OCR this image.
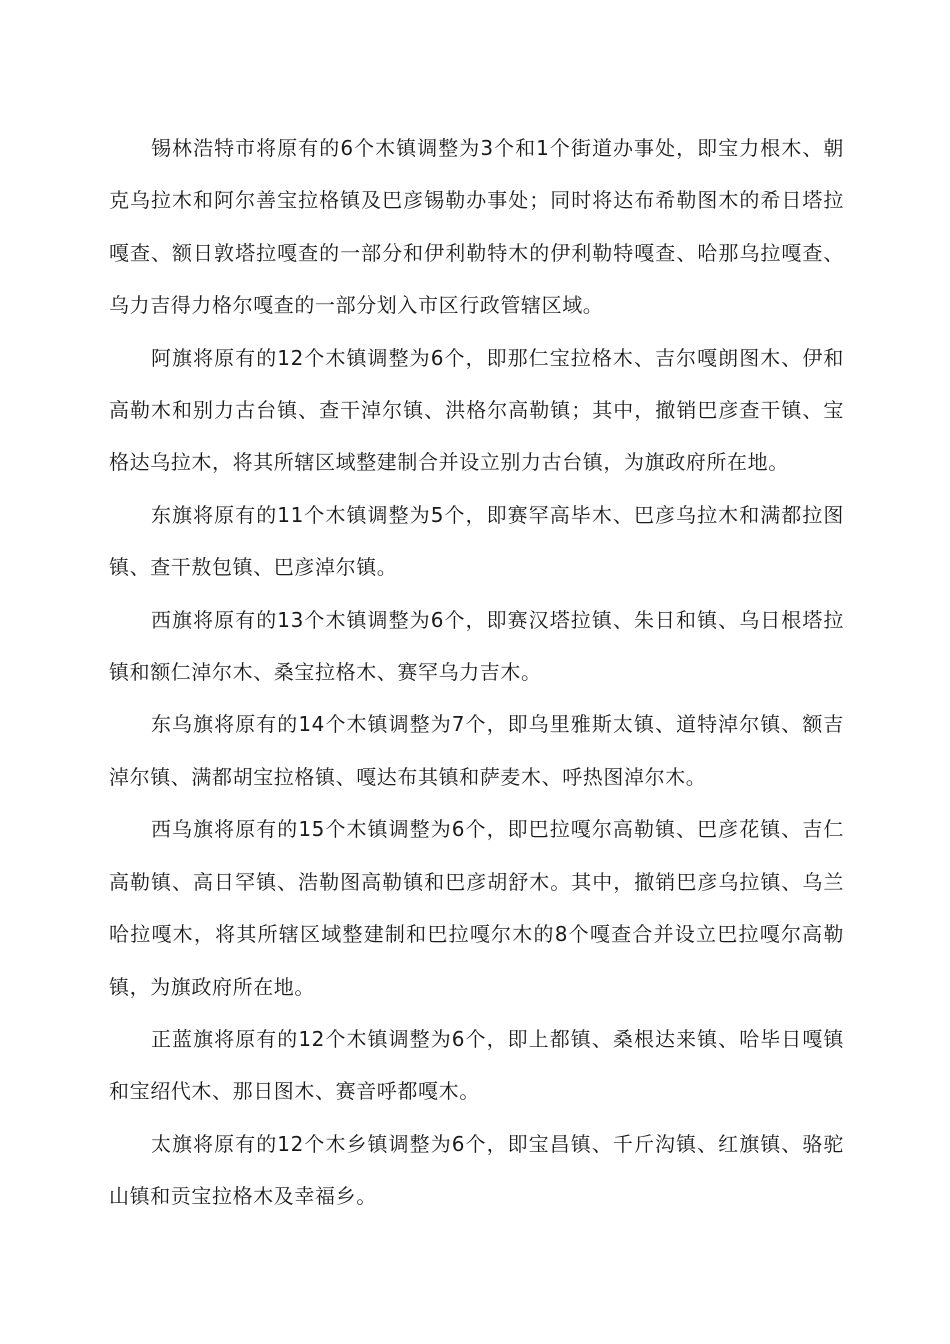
锡林浩特市将原有的6个木镇调整为3个和1个街道办事处，即宝力根木、朝克乌拉木和阿尔善宝拉格镇及巴彦锡勒办事处；同时将达布希勒图木的希日塔拉嘎查、额日敦塔拉嘎查的一部分和伊利勒特木的伊利勒特嘎查、哈那乌拉嘎查、乌力吉得力格尔嘎查的一部分划入市区行政管辖区域。

阿旗将原有的12个木镇调整为6个，即那仁宝拉格木、吉尔嘎朗图木、伊和高勒木和别力古台镇、查干淖尔镇、洪格尔高勒镇；其中，撤销巴彦查干镇、宝格达乌拉木，将其所辖区域整建制合并设立别力古台镇，为旗政府所在地。

东旗将原有的11个木镇调整为5个，即赛罕高毕木、巴彦乌拉木和满都拉图镇、查干敖包镇、巴彦淖尔镇。

西旗将原有的13个木镇调整为6个，即赛汉塔拉镇、朱日和镇、乌日根塔拉镇和额仁淖尔木、桑宝拉格木、赛罕乌力吉木。

东乌旗将原有的14个木镇调整为7个，即乌里雅斯太镇、道特淖尔镇、额吉淖尔镇、满都胡宝拉格镇、嘎达布其镇和萨麦木、呼热图淖尔木。

西乌旗将原有的15个木镇调整为6个，即巴拉嘎尔高勒镇、巴彦花镇、吉仁高勒镇、高日罕镇、浩勒图高勒镇和巴彦胡舒木。其中，撤销巴彦乌拉镇、乌兰哈拉嘎木，将其所辖区域整建制和巴拉嘎尔木的8个嘎查合并设立巴拉嘎尔高勒镇，为旗政府所在地。

正蓝旗将原有的12个木镇调整为6个，即上都镇、桑根达来镇、哈毕日嘎镇和宝绍代木、那日图木、赛音呼都嘎木。

太旗将原有的12个木乡镇调整为6个，即宝昌镇、千斤沟镇、红旗镇、骆驼山镇和贡宝拉格木及幸福乡。
